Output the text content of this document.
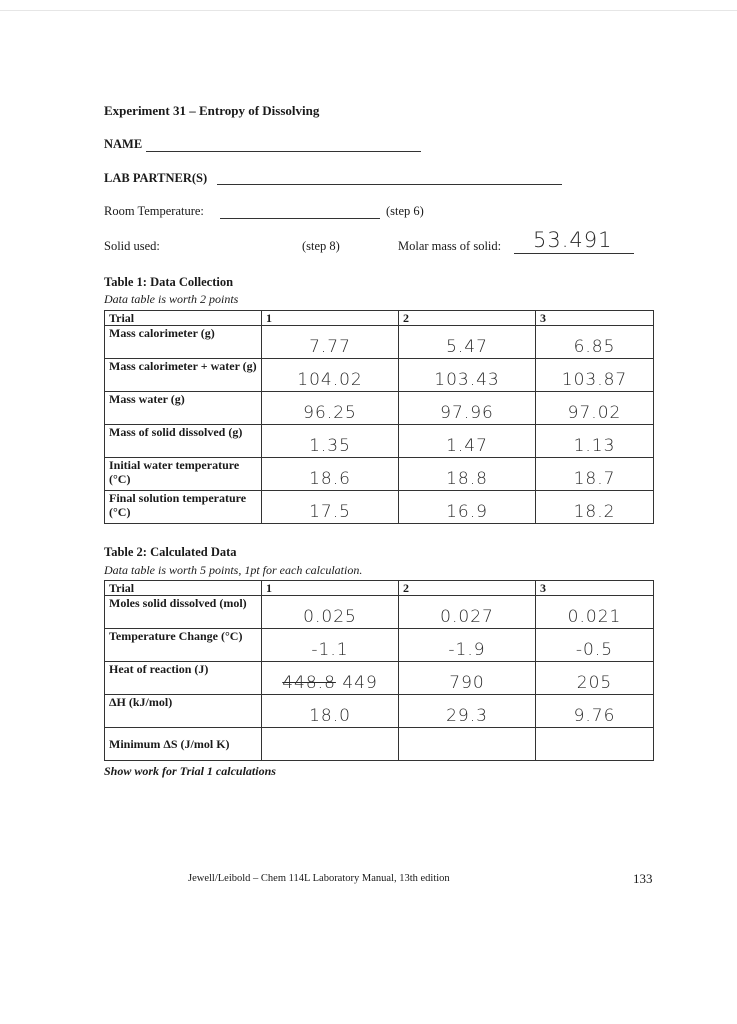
Experiment 31 – Entropy of Dissolving
NAME
LAB PARTNER(S)
Room Temperature:	(step 6)
Solid used:	(step 8)	Molar mass of solid: 53.491
Table 1: Data Collection
Data table is worth 2 points
Trial	1	2	3
Mass calorimeter (g)	7.77	5.47	6.85
Mass calorimeter + water (g)	104.02	103.43	103.87
Mass water (g)	96.25	97.96	97.02
Mass of solid dissolved (g)	1.35	1.47	1.13
Initial water temperature (°C)	18.6	18.8	18.7
Final solution temperature (°C)	17.5	16.9	18.2
Table 2: Calculated Data
Data table is worth 5 points, 1pt for each calculation.
Trial	1	2	3
Moles solid dissolved (mol)	0.025	0.027	0.021
Temperature Change (°C)	-1.1	-1.9	-0.5
Heat of reaction (J)	448.8 449	790	205
ΔH (kJ/mol)	18.0	29.3	9.76
Minimum ΔS (J/mol K)			
Show work for Trial 1 calculations
Jewell/Leibold – Chem 114L Laboratory Manual, 13th edition	133
